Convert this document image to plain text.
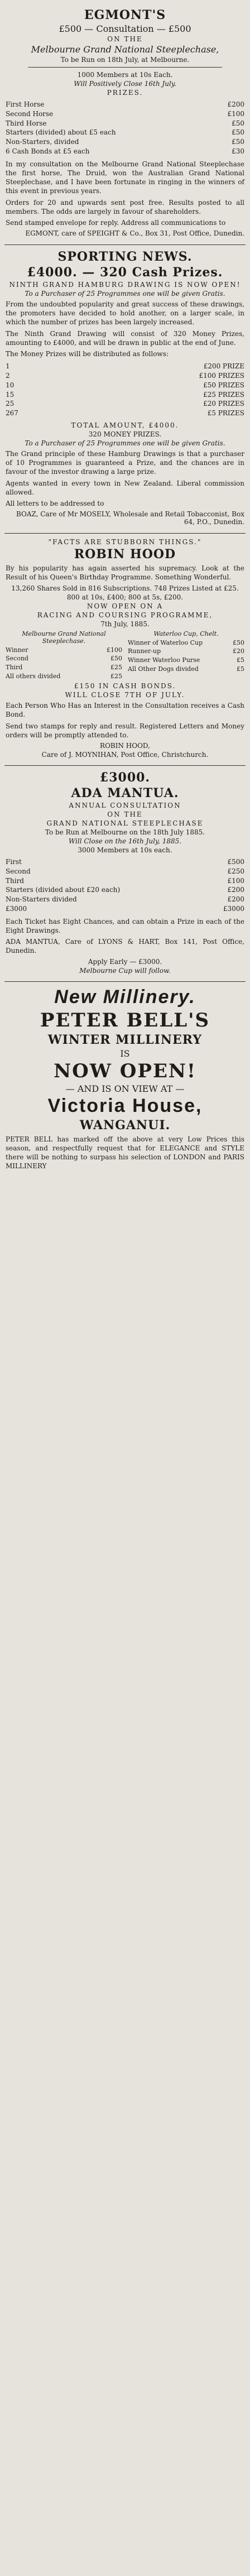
EGMONT'S
£500 — Consultation — £500
ON THE
Melbourne Grand National Steeplechase,
To be Run on 18th July, at Melbourne.
1000 Members at 10s Each.
Will Positively Close 16th July.
PRIZES.
First Horse	£200
Second Horse	£100
Third Horse	£50
Starters (divided) about £5 each	£50
Non-Starters, divided	£50
6 Cash Bonds at £5 each	£30

In my consultation on the Melbourne Grand National Steeplechase the first horse, The Druid, won the Australian Grand National Steeplechase, and I have been fortunate in ringing in the winners of this event in previous years.

Orders for 20 and upwards sent post free. Results posted to all members. The odds are largely in favour of shareholders.

Send stamped envelope for reply. Address all communications to

EGMONT, care of SPEIGHT & Co., Box 31, Post Office, Dunedin.
SPORTING NEWS.
£4000. — 320 Cash Prizes.
NINTH GRAND HAMBURG DRAWING IS NOW OPEN!
To a Purchaser of 25 Programmes one will be given Gratis.

From the undoubted popularity and great success of these drawings, the promoters have decided to hold another, on a larger scale, in which the number of prizes has been largely increased.

The Ninth Grand Drawing will consist of 320 Money Prizes, amounting to £4000, and will be drawn in public at the end of June.

The Money Prizes will be distributed as follows:

1	£200 PRIZE
2	£100 PRIZES
10	£50 PRIZES
15	£25 PRIZES
25	£20 PRIZES
267	£5 PRIZES
TOTAL AMOUNT, £4000.
320 MONEY PRIZES.
To a Purchaser of 25 Programmes one will be given Gratis.

The Grand principle of these Hamburg Drawings is that a purchaser of 10 Programmes is guaranteed a Prize, and the chances are in favour of the investor drawing a large prize.

Agents wanted in every town in New Zealand. Liberal commission allowed.

All letters to be addressed to

BOAZ, Care of Mr MOSELY, Wholesale and Retail Tobacconist, Box 64, P.O., Dunedin.
"FACTS ARE STUBBORN THINGS."
ROBIN HOOD

By his popularity has again asserted his supremacy. Look at the Result of his Queen's Birthday Programme. Something Wonderful.

13,260 Shares Sold in 816 Subscriptions. 748 Prizes Listed at £25.
800 at 10s, £400; 800 at 5s, £200.
NOW OPEN ON A
RACING AND COURSING PROGRAMME,
7th July, 1885.
Melbourne Grand National Steeplechase.
Winner	£100
Second	£50
Third	£25
All others divided	£25
Waterloo Cup, Chelt.
Winner of Waterloo Cup	£50
Runner-up	£20
Winner Waterloo Purse	£5
All Other Dogs divided	£5
£150 IN CASH BONDS.
WILL CLOSE 7TH OF JULY.

Each Person Who Has an Interest in the Consultation receives a Cash Bond.

Send two stamps for reply and result. Registered Letters and Money orders will be promptly attended to.

ROBIN HOOD,
Care of J. MOYNIHAN, Post Office, Christchurch.
£3000.
ADA MANTUA.
ANNUAL CONSULTATION
ON THE
GRAND NATIONAL STEEPLECHASE
To be Run at Melbourne on the 18th July 1885.
Will Close on the 16th July, 1885.
3000 Members at 10s each.
First	£500
Second	£250
Third	£100
Starters (divided about £20 each)	£200
Non-Starters divided	£200
£3000	£3000

Each Ticket has Eight Chances, and can obtain a Prize in each of the Eight Drawings.

ADA MANTUA, Care of LYONS & HART, Box 141, Post Office, Dunedin.

Apply Early — £3000.
Melbourne Cup will follow.
New Millinery.
PETER BELL'S
WINTER MILLINERY
IS
NOW OPEN!
— AND IS ON VIEW AT —
Victoria House,
WANGANUI.

PETER BELL has marked off the above at very Low Prices this season, and respectfully request that for ELEGANCE and STYLE there will be nothing to surpass his selection of LONDON and PARIS MILLINERY
